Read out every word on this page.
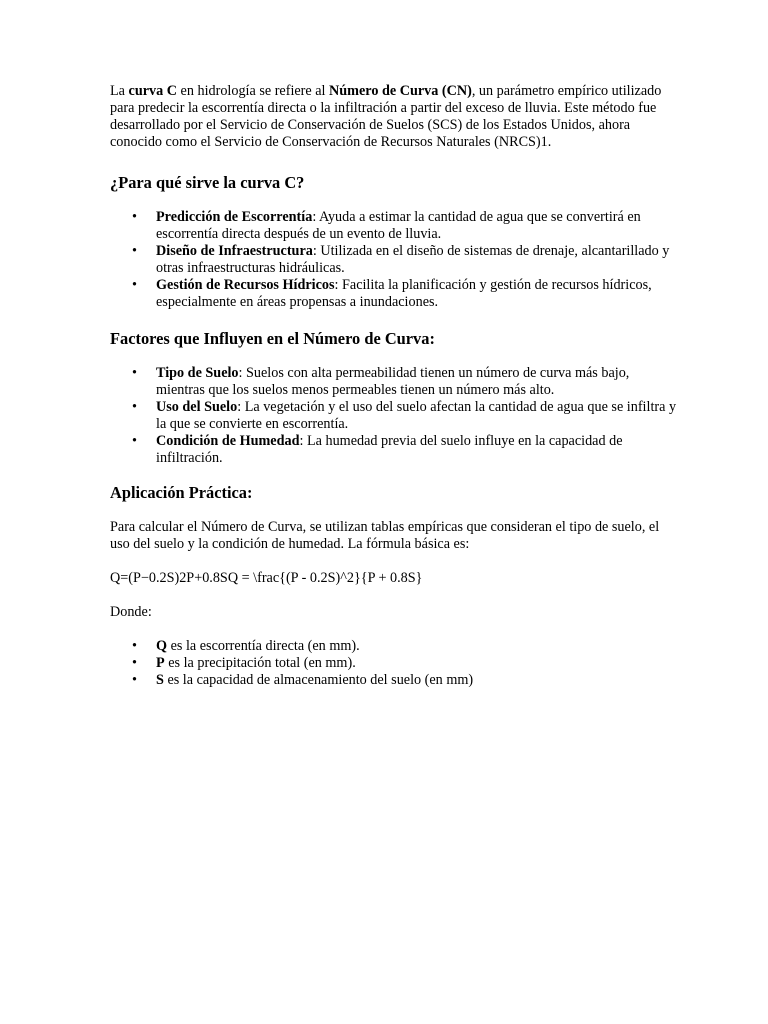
La curva C en hidrología se refiere al Número de Curva (CN), un parámetro empírico utilizado para predecir la escorrentía directa o la infiltración a partir del exceso de lluvia. Este método fue desarrollado por el Servicio de Conservación de Suelos (SCS) de los Estados Unidos, ahora conocido como el Servicio de Conservación de Recursos Naturales (NRCS)1.

¿Para qué sirve la curva C?
• Predicción de Escorrentía: Ayuda a estimar la cantidad de agua que se convertirá en escorrentía directa después de un evento de lluvia.
• Diseño de Infraestructura: Utilizada en el diseño de sistemas de drenaje, alcantarillado y otras infraestructuras hidráulicas.
• Gestión de Recursos Hídricos: Facilita la planificación y gestión de recursos hídricos, especialmente en áreas propensas a inundaciones.
Factores que Influyen en el Número de Curva:
• Tipo de Suelo: Suelos con alta permeabilidad tienen un número de curva más bajo, mientras que los suelos menos permeables tienen un número más alto.
• Uso del Suelo: La vegetación y el uso del suelo afectan la cantidad de agua que se infiltra y la que se convierte en escorrentía.
• Condición de Humedad: La humedad previa del suelo influye en la capacidad de infiltración.
Aplicación Práctica:

Para calcular el Número de Curva, se utilizan tablas empíricas que consideran el tipo de suelo, el uso del suelo y la condición de humedad. La fórmula básica es:

Q=(P−0.2S)2P+0.8SQ = \frac{(P - 0.2S)^2}{P + 0.8S}

Donde:

• Q es la escorrentía directa (en mm).
• P es la precipitación total (en mm).
• S es la capacidad de almacenamiento del suelo (en mm)
